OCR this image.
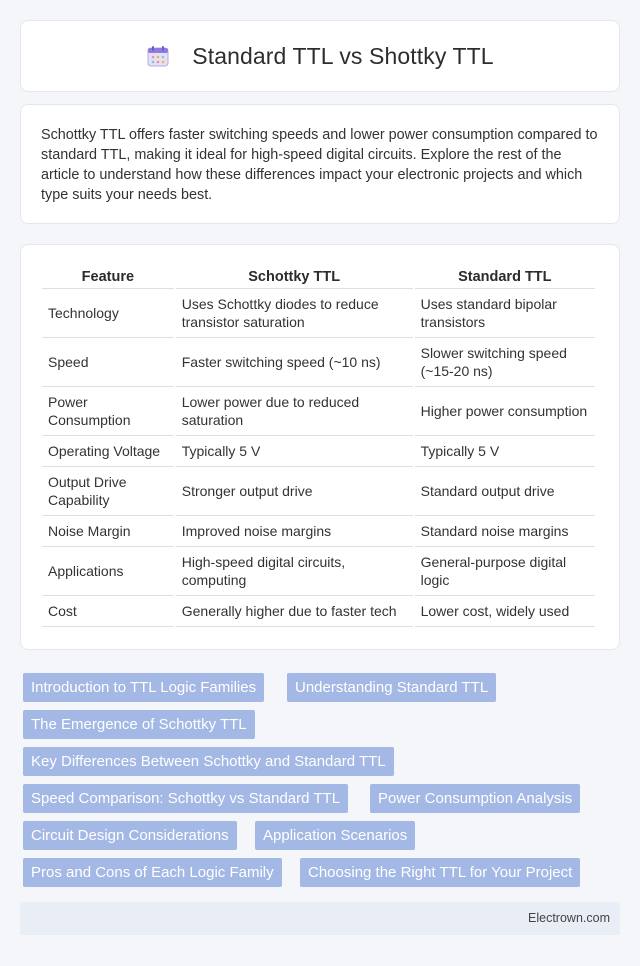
Standard TTL vs Shottky TTL

Schottky TTL offers faster switching speeds and lower power consumption compared to standard TTL, making it ideal for high-speed digital circuits. Explore the rest of the article to understand how these differences impact your electronic projects and which type suits your needs best.

Feature	Schottky TTL	Standard TTL
Technology	Uses Schottky diodes to reduce transistor saturation	Uses standard bipolar transistors
Speed	Faster switching speed (~10 ns)	Slower switching speed (~15-20 ns)
Power Consumption	Lower power due to reduced saturation	Higher power consumption
Operating Voltage	Typically 5 V	Typically 5 V
Output Drive Capability	Stronger output drive	Standard output drive
Noise Margin	Improved noise margins	Standard noise margins
Applications	High-speed digital circuits, computing	General-purpose digital logic
Cost	Generally higher due to faster tech	Lower cost, widely used
Introduction to TTL Logic Families	Understanding Standard TTL
The Emergence of Schottky TTL
Key Differences Between Schottky and Standard TTL
Speed Comparison: Schottky vs Standard TTL	Power Consumption Analysis
Circuit Design Considerations	Application Scenarios
Pros and Cons of Each Logic Family	Choosing the Right TTL for Your Project
Electrown.com
